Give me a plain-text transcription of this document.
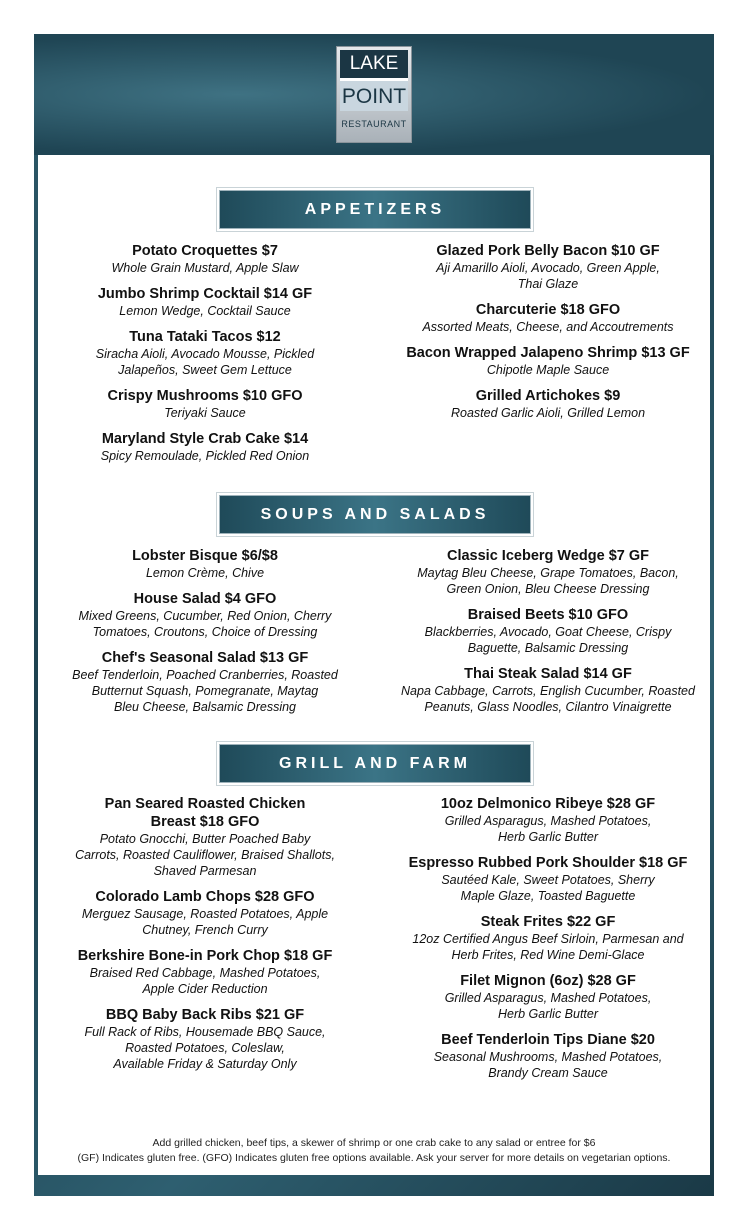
LAKE
POINT
RESTAURANT
APPETIZERS
Potato Croquettes $7
Whole Grain Mustard, Apple Slaw
Jumbo Shrimp Cocktail $14 GF
Lemon Wedge, Cocktail Sauce
Tuna Tataki Tacos $12
Siracha Aioli, Avocado Mousse, Pickled
Jalapeños, Sweet Gem Lettuce
Crispy Mushrooms $10 GFO
Teriyaki Sauce
Maryland Style Crab Cake $14
Spicy Remoulade, Pickled Red Onion
Glazed Pork Belly Bacon $10 GF
Aji Amarillo Aioli, Avocado, Green Apple,
Thai Glaze
Charcuterie $18 GFO
Assorted Meats, Cheese, and Accoutrements
Bacon Wrapped Jalapeno Shrimp $13 GF
Chipotle Maple Sauce
Grilled Artichokes $9
Roasted Garlic Aioli, Grilled Lemon
SOUPS AND SALADS
Lobster Bisque $6/$8
Lemon Crème, Chive
House Salad $4 GFO
Mixed Greens, Cucumber, Red Onion, Cherry
Tomatoes, Croutons, Choice of Dressing
Chef's Seasonal Salad $13 GF
Beef Tenderloin, Poached Cranberries, Roasted
Butternut Squash, Pomegranate, Maytag
Bleu Cheese, Balsamic Dressing
Classic Iceberg Wedge $7 GF
Maytag Bleu Cheese, Grape Tomatoes, Bacon,
Green Onion, Bleu Cheese Dressing
Braised Beets $10 GFO
Blackberries, Avocado, Goat Cheese, Crispy
Baguette, Balsamic Dressing
Thai Steak Salad $14 GF
Napa Cabbage, Carrots, English Cucumber, Roasted
Peanuts, Glass Noodles, Cilantro Vinaigrette
GRILL AND FARM
Pan Seared Roasted Chicken
Breast $18 GFO
Potato Gnocchi, Butter Poached Baby
Carrots, Roasted Cauliflower, Braised Shallots,
Shaved Parmesan
Colorado Lamb Chops $28 GFO
Merguez Sausage, Roasted Potatoes, Apple
Chutney, French Curry
Berkshire Bone-in Pork Chop $18 GF
Braised Red Cabbage, Mashed Potatoes,
Apple Cider Reduction
BBQ Baby Back Ribs $21 GF
Full Rack of Ribs, Housemade BBQ Sauce,
Roasted Potatoes, Coleslaw,
Available Friday & Saturday Only
10oz Delmonico Ribeye $28 GF
Grilled Asparagus, Mashed Potatoes,
Herb Garlic Butter
Espresso Rubbed Pork Shoulder $18 GF
Sautéed Kale, Sweet Potatoes, Sherry
Maple Glaze, Toasted Baguette
Steak Frites $22 GF
12oz Certified Angus Beef Sirloin, Parmesan and
Herb Frites, Red Wine Demi-Glace
Filet Mignon (6oz) $28 GF
Grilled Asparagus, Mashed Potatoes,
Herb Garlic Butter
Beef Tenderloin Tips Diane $20
Seasonal Mushrooms, Mashed Potatoes,
Brandy Cream Sauce
Add grilled chicken, beef tips, a skewer of shrimp or one crab cake to any salad or entree for $6
(GF) Indicates gluten free. (GFO) Indicates gluten free options available. Ask your server for more details on vegetarian options.
